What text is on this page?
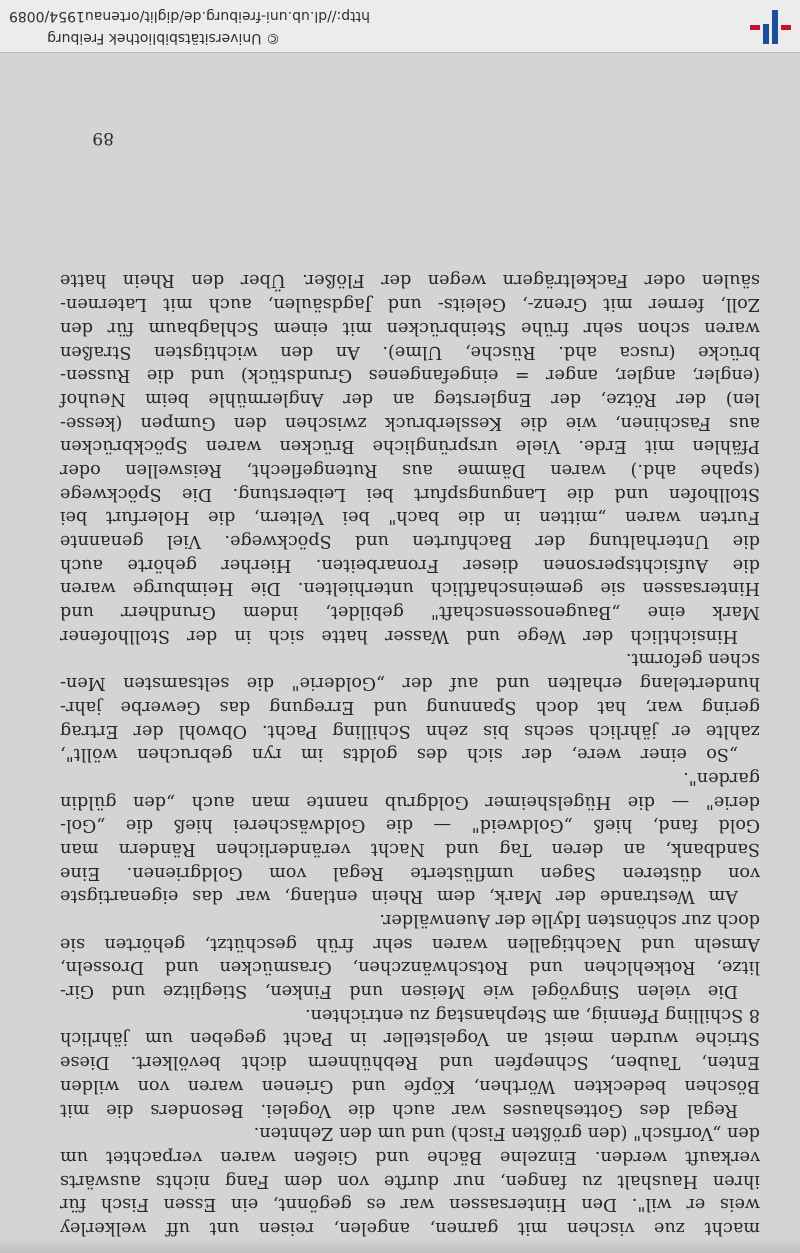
macht zue vischen mit garnen, angelen, reisen unt uff welkerley
weis er wil". Den Hintersassen war es gegönnt, ein Essen Fisch für
ihren Haushalt zu fangen, nur durfte von dem Fang nichts auswärts
verkauft werden. Einzelne Bäche und Gießen waren verpachtet um
den „Vorfisch" (den größten Fisch) und um den Zehnten.
Regal des Gotteshauses war auch die Vogelei. Besonders die mit
Böschen bedeckten Wörthen, Köpfe und Grienen waren von wilden
Enten, Tauben, Schnepfen und Rebhühnern dicht bevölkert. Diese
Striche wurden meist an Vogelsteller in Pacht gegeben um jährlich
8 Schilling Pfennig, am Stephanstag zu entrichten.
Die vielen Singvögel wie Meisen und Finken, Stieglitze und Gir-
litze, Rotkehlchen und Rotschwänzchen, Grasmücken und Drosseln,
Amseln und Nachtigallen waren sehr früh geschützt, gehörten sie
doch zur schönsten Idylle der Auenwälder.
Am Westrande der Mark, dem Rhein entlang, war das eigenartigste
von düsteren Sagen umflüsterte Regal vom Goldgrienen. Eine
Sandbank, an deren Tag und Nacht veränderlichen Rändern man
Gold fand, hieß „Goldweid" — die Goldwäscherei hieß die „Gol-
derie" — die Hügelsheimer Goldgrub nannte man auch „den güldin
garden".
„So einer were, der sich des goldts im ryn gebruchen wöllt",
zahlte er jährlich sechs bis zehn Schilling Pacht. Obwohl der Ertrag
gering war, hat doch Spannung und Erregung das Gewerbe jahr-
hundertelang erhalten und auf der „Golderie" die seltsamsten Men-
schen geformt.
Hinsichtlich der Wege und Wasser hatte sich in der Stollhofener
Mark eine „Baugenossenschaft" gebildet, indem Grundherr und
Hintersassen sie gemeinschaftlich unterhielten. Die Heimburge waren
die Aufsichtspersonen dieser Fronarbeiten. Hierher gehörte auch
die Unterhaltung der Bachfurten und Spöckwege. Viel genannte
Furten waren „mitten in die bach" bei Veltern, die Holerfurt bei
Stollhofen und die Langungspfurt bei Leiberstung. Die Spöckwege
(spahe ahd.) waren Dämme aus Rutengeflecht, Reiswellen oder
Pfählen mit Erde. Viele ursprüngliche Brücken waren Spöckbrücken
aus Faschinen, wie die Kesslerbruck zwischen den Gumpen (kesse-
len) der Rötze, der Englersteg an der Anglermühle beim Neuhof
(engler, angler, anger = eingefangenes Grundstück) und die Russen-
brücke (rusca ahd. Rüsche, Ulme). An den wichtigsten Straßen
waren schon sehr frühe Steinbrücken mit einem Schlagbaum für den
Zoll, ferner mit Grenz-, Geleits- und Jagdsäulen, auch mit Laternen-
säulen oder Fackelträgern wegen der Flößer. Über den Rhein hatte
89
© Universitätsbibliothek Freiburg
http://dl.ub.uni-freiburg.de/diglit/ortenau1954/0089
